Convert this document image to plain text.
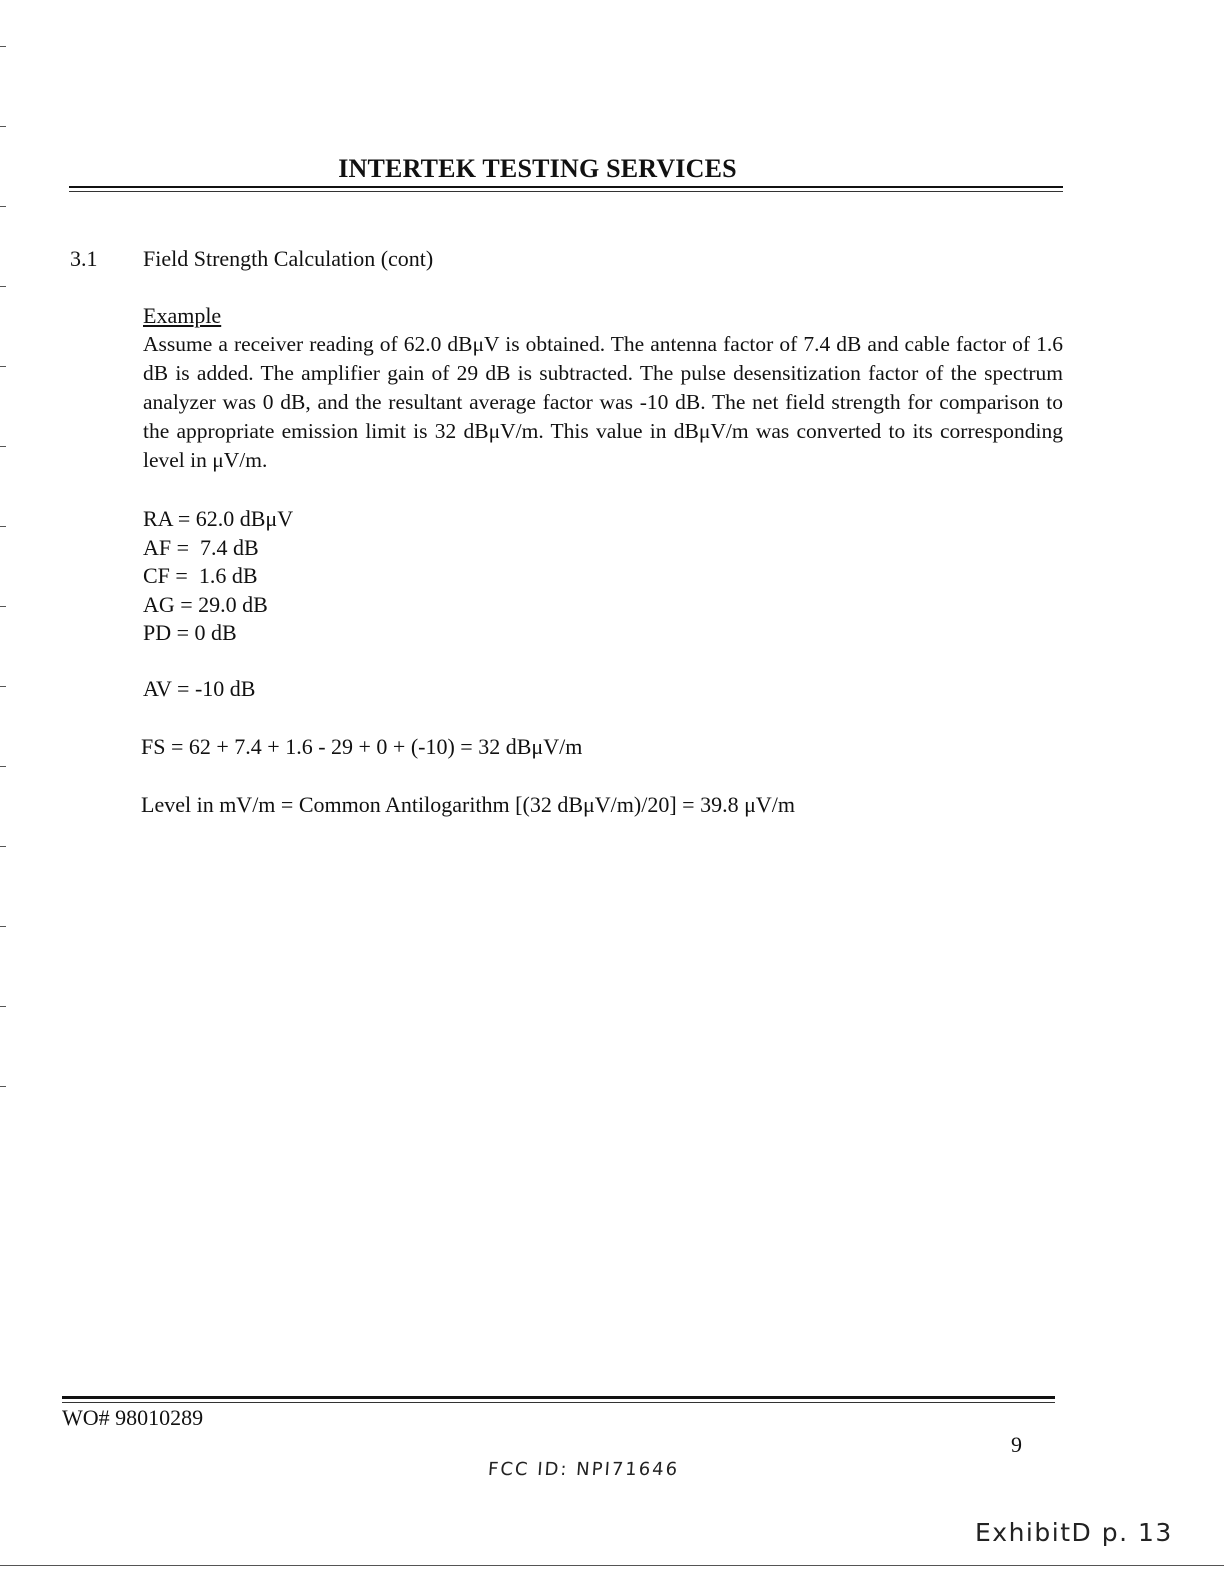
INTERTEK TESTING SERVICES
3.1 Field Strength Calculation (cont)
Example
Assume a receiver reading of 62.0 dBμV is obtained. The antenna factor of 7.4 dB and cable factor of 1.6 dB is added. The amplifier gain of 29 dB is subtracted. The pulse desensitization factor of the spectrum analyzer was 0 dB, and the resultant average factor was -10 dB. The net field strength for comparison to the appropriate emission limit is 32 dBμV/m. This value in dBμV/m was converted to its corresponding level in μV/m.
RA = 62.0 dBμV
AF =  7.4 dB
CF =  1.6 dB
AG = 29.0 dB
PD = 0 dB
AV = -10 dB
FS = 62 + 7.4 + 1.6 - 29 + 0 + (-10) = 32 dBμV/m
Level in mV/m = Common Antilogarithm [(32 dBμV/m)/20] = 39.8 μV/m
WO# 98010289
9
FCC ID: NPI71646
ExhibitD p. 13
